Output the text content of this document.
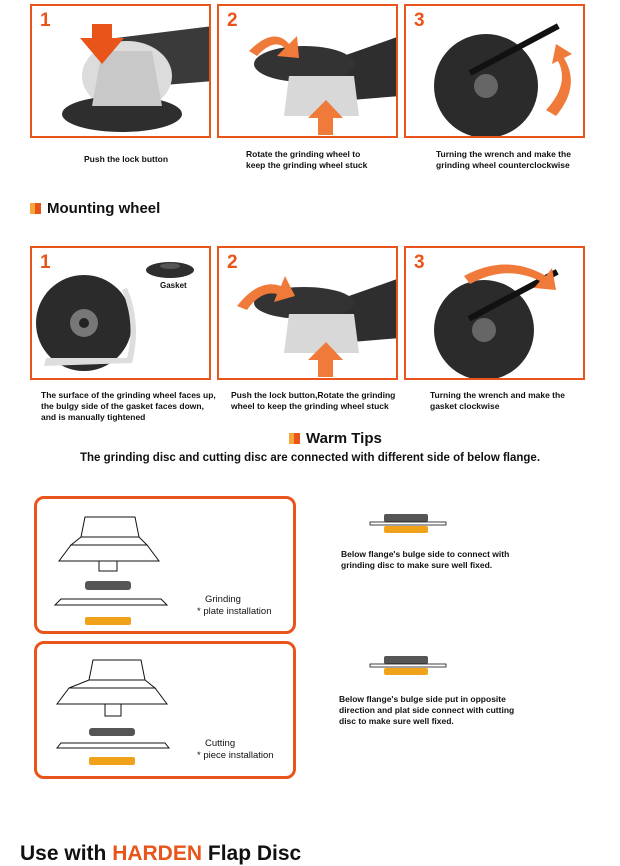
1	2	3
Push the lock button	Rotate the grinding wheel to
keep the grinding wheel stuck
Turning the wrench and make the
grinding wheel counterclockwise
Mounting wheel
1
Gasket
2	3
The surface of the grinding wheel faces up,
the bulgy side of the gasket faces down,
and is manually tightened
Push the lock button,Rotate the grinding
wheel to keep the grinding wheel stuck
Turning the wrench and make the
gasket clockwise
Warm Tips
The grinding disc and cutting disc are connected with different side of below flange.
Grinding
* plate installation
Cutting
* piece installation
Below flange's bulge side to connect with
grinding disc to make sure well fixed.
Below flange's bulge side put in opposite
direction and plat side connect with cutting
disc to make sure well fixed.
Use with HARDEN Flap Disc
